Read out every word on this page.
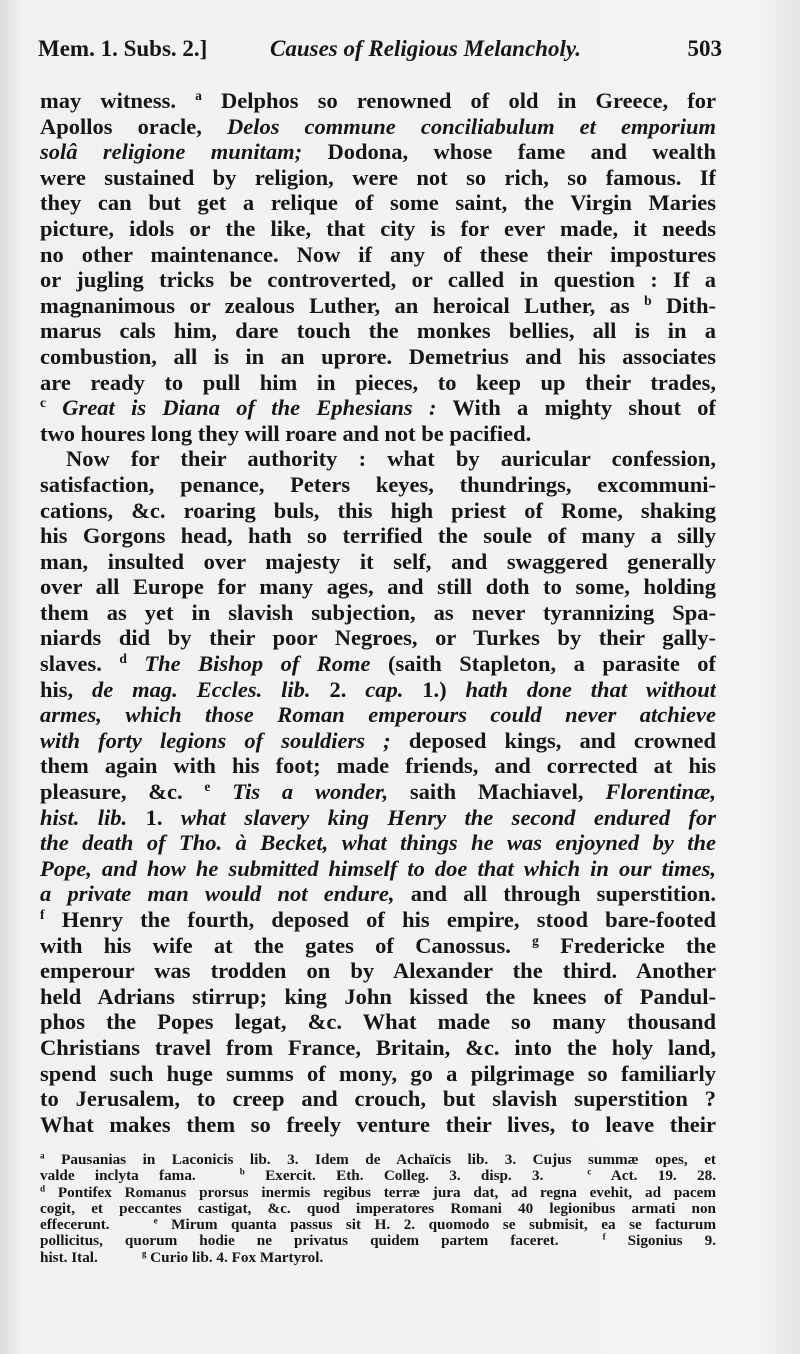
Mem. 1. Subs. 2.]	Causes of Religious Melancholy.	503
may witness. $^a$ Delphos so renowned of old in Greece, for
Apollos oracle, Delos commune conciliabulum et emporium
solâ religione munitam; Dodona, whose fame and wealth
were sustained by religion, were not so rich, so famous. If
they can but get a relique of some saint, the Virgin Maries
picture, idols or the like, that city is for ever made, it needs
no other maintenance. Now if any of these their impostures
or jugling tricks be controverted, or called in question : If a
magnanimous or zealous Luther, an heroical Luther, as $^b$ Dith-
marus cals him, dare touch the monkes bellies, all is in a
combustion, all is in an uprore. Demetrius and his associates
are ready to pull him in pieces, to keep up their trades,
$^c$ Great is Diana of the Ephesians : With a mighty shout of
two houres long they will roare and not be pacified.
Now for their authority : what by auricular confession,
satisfaction, penance, Peters keyes, thundrings, excommuni-
cations, &c. roaring buls, this high priest of Rome, shaking
his Gorgons head, hath so terrified the soule of many a silly
man, insulted over majesty it self, and swaggered generally
over all Europe for many ages, and still doth to some, holding
them as yet in slavish subjection, as never tyrannizing Spa-
niards did by their poor Negroes, or Turkes by their gally-
slaves. $^d$ The Bishop of Rome (saith Stapleton, a parasite of
his, de mag. Eccles. lib. 2. cap. 1.) hath done that without
armes, which those Roman emperours could never atchieve
with forty legions of souldiers ; deposed kings, and crowned
them again with his foot; made friends, and corrected at his
pleasure, &c. $^e$ Tis a wonder, saith Machiavel, Florentinæ,
hist. lib. 1. what slavery king Henry the second endured for
the death of Tho. à Becket, what things he was enjoyned by the
Pope, and how he submitted himself to doe that which in our times,
a private man would not endure, and all through superstition.
$^f$ Henry the fourth, deposed of his empire, stood bare-footed
with his wife at the gates of Canossus. $^g$ Fredericke the
emperour was trodden on by Alexander the third. Another
held Adrians stirrup; king John kissed the knees of Pandul-
phos the Popes legat, &c. What made so many thousand
Christians travel from France, Britain, &c. into the holy land,
spend such huge summs of mony, go a pilgrimage so familiarly
to Jerusalem, to creep and crouch, but slavish superstition ?
What makes them so freely venture their lives, to leave their
$^a$ Pausanias in Laconicis lib. 3. Idem de Achaïcis lib. 3. Cujus summæ opes, et
valde inclyta fama.	$^b$ Exercit. Eth. Colleg. 3. disp. 3.	$^c$ Act. 19. 28.
$^d$ Pontifex Romanus prorsus inermis regibus terræ jura dat, ad regna evehit, ad pacem
cogit, et peccantes castigat, &c. quod imperatores Romani 40 legionibus armati non
effecerunt.	$^e$ Mirum quanta passus sit H. 2. quomodo se submisit, ea se facturum
pollicitus, quorum hodie ne privatus quidem partem faceret.	$^f$ Sigonius 9.
hist. Ital.	$^g$ Curio lib. 4. Fox Martyrol.
